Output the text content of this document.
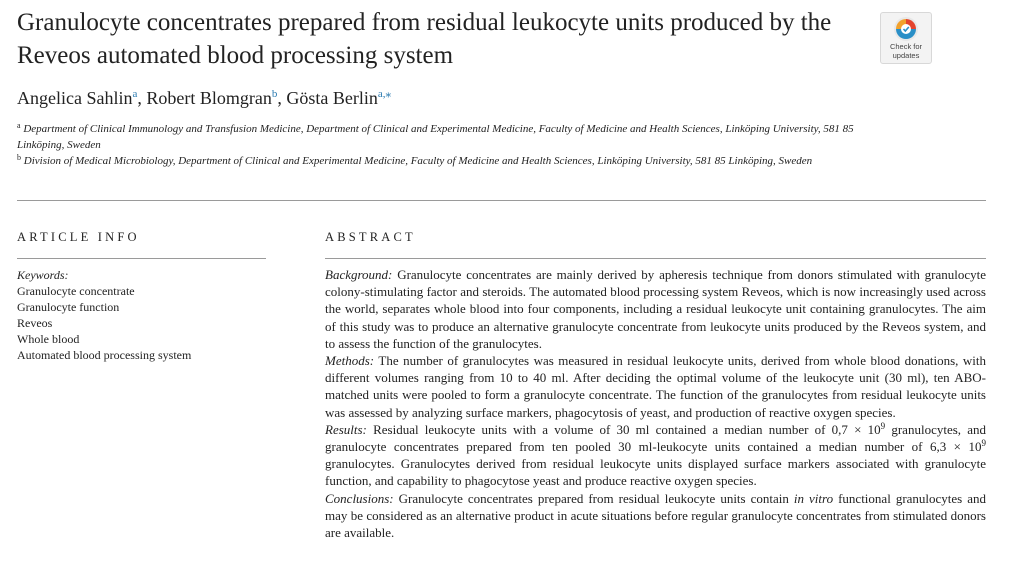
Granulocyte concentrates prepared from residual leukocyte units produced by the Reveos automated blood processing system	Check for
updates
Angelica Sahlin$^a$, Robert Blomgran$^b$, Gösta Berlin$^{a,⁎}$
$^a$ Department of Clinical Immunology and Transfusion Medicine, Department of Clinical and Experimental Medicine, Faculty of Medicine and Health Sciences, Linköping University, 581 85 Linköping, Sweden
$^b$ Division of Medical Microbiology, Department of Clinical and Experimental Medicine, Faculty of Medicine and Health Sciences, Linköping University, 581 85 Linköping, Sweden
ARTICLE INFO	ABSTRACT
Keywords:
Granulocyte concentrate
Granulocyte function
Reveos
Whole blood
Automated blood processing system

Background: Granulocyte concentrates are mainly derived by apheresis technique from donors stimulated with granulocyte colony-stimulating factor and steroids. The automated blood processing system Reveos, which is now increasingly used across the world, separates whole blood into four components, including a residual leukocyte unit containing granulocytes. The aim of this study was to produce an alternative granulocyte concentrate from leukocyte units produced by the Reveos system, and to assess the function of the granulocytes.

Methods: The number of granulocytes was measured in residual leukocyte units, derived from whole blood donations, with different volumes ranging from 10 to 40 ml. After deciding the optimal volume of the leukocyte unit (30 ml), ten ABO-matched units were pooled to form a granulocyte concentrate. The function of the granulocytes from residual leukocyte units was assessed by analyzing surface markers, phagocytosis of yeast, and production of reactive oxygen species.

Results: Residual leukocyte units with a volume of 30 ml contained a median number of $0,7 \times 10^9$ granulocytes, and granulocyte concentrates prepared from ten pooled 30 ml-leukocyte units contained a median number of $6,3 \times 10^9$ granulocytes. Granulocytes derived from residual leukocyte units displayed surface markers associated with granulocyte function, and capability to phagocytose yeast and produce reactive oxygen species.

Conclusions: Granulocyte concentrates prepared from residual leukocyte units contain in vitro functional granulocytes and may be considered as an alternative product in acute situations before regular granulocyte concentrates from stimulated donors are available.
